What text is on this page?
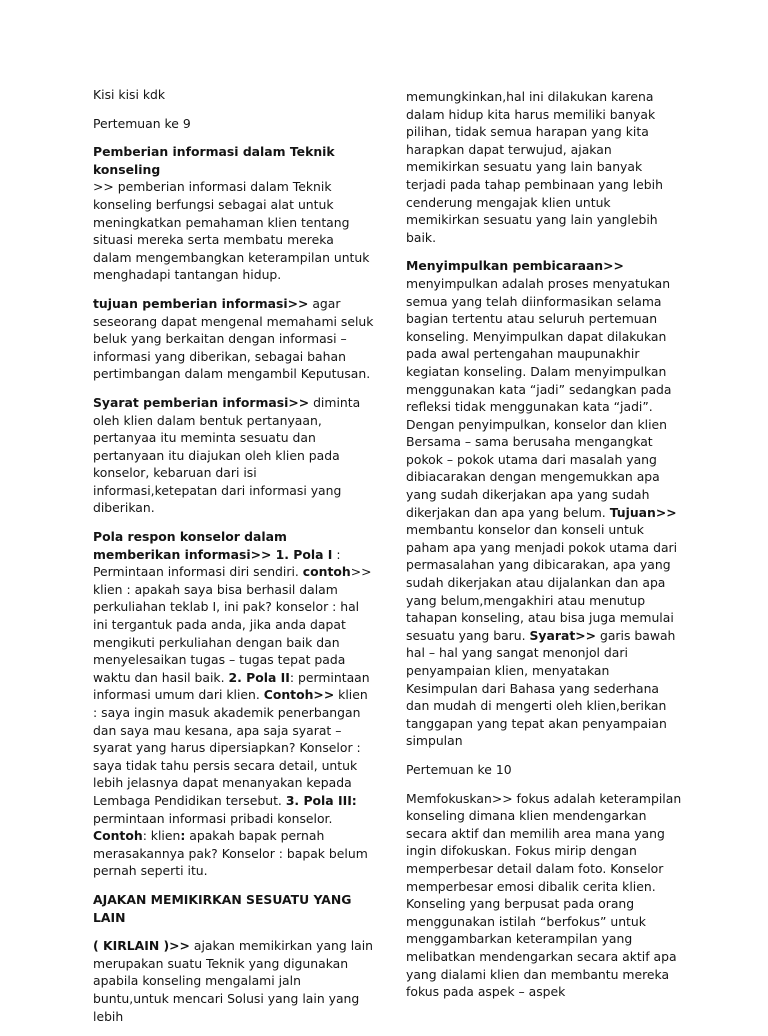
Kisi kisi kdk

Pertemuan ke 9

Pemberian informasi dalam Teknik konseling
>> pemberian informasi dalam Teknik konseling berfungsi sebagai alat untuk meningkatkan pemahaman klien tentang situasi mereka serta membatu mereka dalam mengembangkan keterampilan untuk menghadapi tantangan hidup.

tujuan pemberian informasi>> agar seseorang dapat mengenal memahami seluk beluk yang berkaitan dengan informasi – informasi yang diberikan, sebagai bahan pertimbangan dalam mengambil Keputusan.

Syarat pemberian informasi>> diminta oleh klien dalam bentuk pertanyaan, pertanyaa itu meminta sesuatu dan pertanyaan itu diajukan oleh klien pada konselor, kebaruan dari isi informasi,ketepatan dari informasi yang diberikan.

Pola respon konselor dalam memberikan informasi>> 1. Pola I : Permintaan informasi diri sendiri. contoh>> klien : apakah saya bisa berhasil dalam perkuliahan teklab I, ini pak? konselor : hal ini tergantuk pada anda, jika anda dapat mengikuti perkuliahan dengan baik dan menyelesaikan tugas – tugas tepat pada waktu dan hasil baik. 2. Pola II: permintaan informasi umum dari klien. Contoh>> klien : saya ingin masuk akademik penerbangan dan saya mau kesana, apa saja syarat – syarat yang harus dipersiapkan? Konselor : saya tidak tahu persis secara detail, untuk lebih jelasnya dapat menanyakan kepada Lembaga Pendidikan tersebut. 3. Pola III: permintaan informasi pribadi konselor. Contoh: klien: apakah bapak pernah merasakannya pak? Konselor : bapak belum pernah seperti itu.

AJAKAN MEMIKIRKAN SESUATU YANG LAIN

( KIRLAIN )>> ajakan memikirkan yang lain merupakan suatu Teknik yang digunakan apabila konseling mengalami jaln buntu,untuk mencari Solusi yang lain yang lebih

memungkinkan,hal ini dilakukan karena dalam hidup kita harus memiliki banyak pilihan, tidak semua harapan yang kita harapkan dapat terwujud, ajakan memikirkan sesuatu yang lain banyak terjadi pada tahap pembinaan yang lebih cenderung mengajak klien untuk memikirkan sesuatu yang lain yanglebih baik.

Menyimpulkan pembicaraan>> menyimpulkan adalah proses menyatukan semua yang telah diinformasikan selama bagian tertentu atau seluruh pertemuan konseling. Menyimpulkan dapat dilakukan pada awal pertengahan maupunakhir kegiatan konseling. Dalam menyimpulkan menggunakan kata “jadi” sedangkan pada refleksi tidak menggunakan kata “jadi”. Dengan penyimpulkan, konselor dan klien Bersama – sama berusaha mengangkat pokok – pokok utama dari masalah yang dibiacarakan dengan mengemukkan apa yang sudah dikerjakan apa yang sudah dikerjakan dan apa yang belum. Tujuan>> membantu konselor dan konseli untuk paham apa yang menjadi pokok utama dari permasalahan yang dibicarakan, apa yang sudah dikerjakan atau dijalankan dan apa yang belum,mengakhiri atau menutup tahapan konseling, atau bisa juga memulai sesuatu yang baru. Syarat>> garis bawah hal – hal yang sangat menonjol dari penyampaian klien, menyatakan Kesimpulan dari Bahasa yang sederhana dan mudah di mengerti oleh klien,berikan tanggapan yang tepat akan penyampaian simpulan

Pertemuan ke 10

Memfokuskan>> fokus adalah keterampilan konseling dimana klien mendengarkan secara aktif dan memilih area mana yang ingin difokuskan. Fokus mirip dengan memperbesar detail dalam foto. Konselor memperbesar emosi dibalik cerita klien. Konseling yang berpusat pada orang menggunakan istilah “berfokus” untuk menggambarkan keterampilan yang melibatkan mendengarkan secara aktif apa yang dialami klien dan membantu mereka fokus pada aspek – aspek
